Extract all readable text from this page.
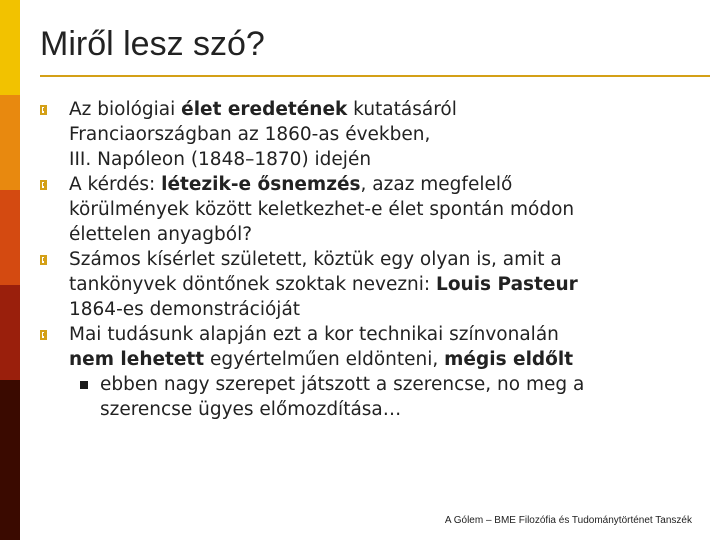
Miről lesz szó?
Az biológiai élet eredetének kutatásáról
Franciaországban az 1860-as években,
III. Napóleon (1848–1870) idején
A kérdés: létezik-e ősnemzés, azaz megfelelő
körülmények között keletkezhet-e élet spontán módon
élettelen anyagból?
Számos kísérlet született, köztük egy olyan is, amit a
tankönyvek döntőnek szoktak nevezni: Louis Pasteur
1864-es demonstrációját
Mai tudásunk alapján ezt a kor technikai színvonalán
nem lehetett egyértelműen eldönteni, mégis eldőlt
ebben nagy szerepet játszott a szerencse, no meg a
szerencse ügyes előmozdítása…
A Gólem – BME Filozófia és Tudománytörténet Tanszék
